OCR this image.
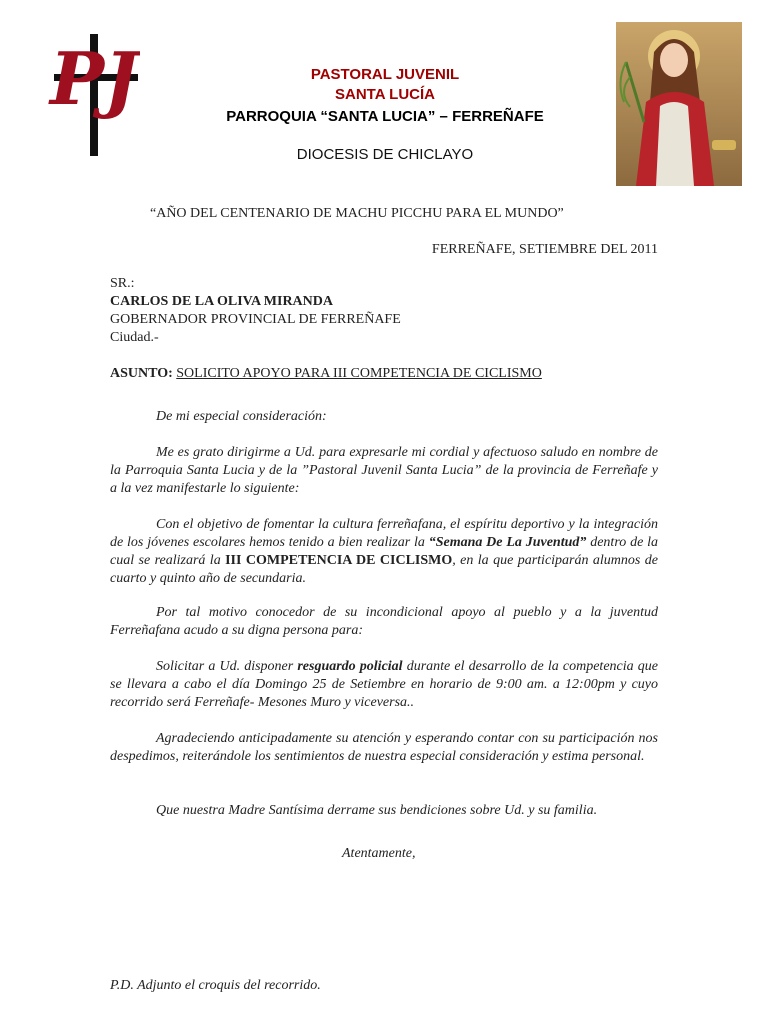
PJ	PASTORAL JUVENIL
SANTA LUCÍA
PARROQUIA “SANTA LUCIA” – FERREÑAFE
DIOCESIS DE CHICLAYO
“AÑO DEL CENTENARIO DE MACHU PICCHU PARA EL MUNDO”
FERREÑAFE, SETIEMBRE DEL 2011
SR.:
CARLOS DE LA OLIVA MIRANDA
GOBERNADOR PROVINCIAL DE FERREÑAFE
Ciudad.-
ASUNTO: SOLICITO APOYO PARA III COMPETENCIA DE CICLISMO
De mi especial consideración:
Me es grato dirigirme a Ud. para expresarle mi cordial y afectuoso saludo en nombre de la Parroquia Santa Lucia y de la ”Pastoral Juvenil Santa Lucia” de la provincia de Ferreñafe y a la vez manifestarle lo siguiente:
Con el objetivo de fomentar la cultura ferreñafana, el espíritu deportivo y la integración de los jóvenes escolares hemos tenido a bien realizar la “Semana De La Juventud” dentro de la cual se realizará la III COMPETENCIA DE CICLISMO, en la que participarán alumnos de cuarto y quinto año de secundaria.
Por tal motivo conocedor de su incondicional apoyo al pueblo y a la juventud Ferreñafana acudo a su digna persona para:
Solicitar a Ud. disponer resguardo policial durante el desarrollo de la competencia que se llevara a cabo el día Domingo 25 de Setiembre en horario de 9:00 am. a 12:00pm y cuyo recorrido será Ferreñafe- Mesones Muro y viceversa..
Agradeciendo anticipadamente su atención y esperando contar con su participación nos despedimos, reiterándole los sentimientos de nuestra especial consideración y estima personal.
Que nuestra Madre Santísima derrame sus bendiciones sobre Ud. y su familia.
Atentamente,
P.D. Adjunto el croquis del recorrido.
